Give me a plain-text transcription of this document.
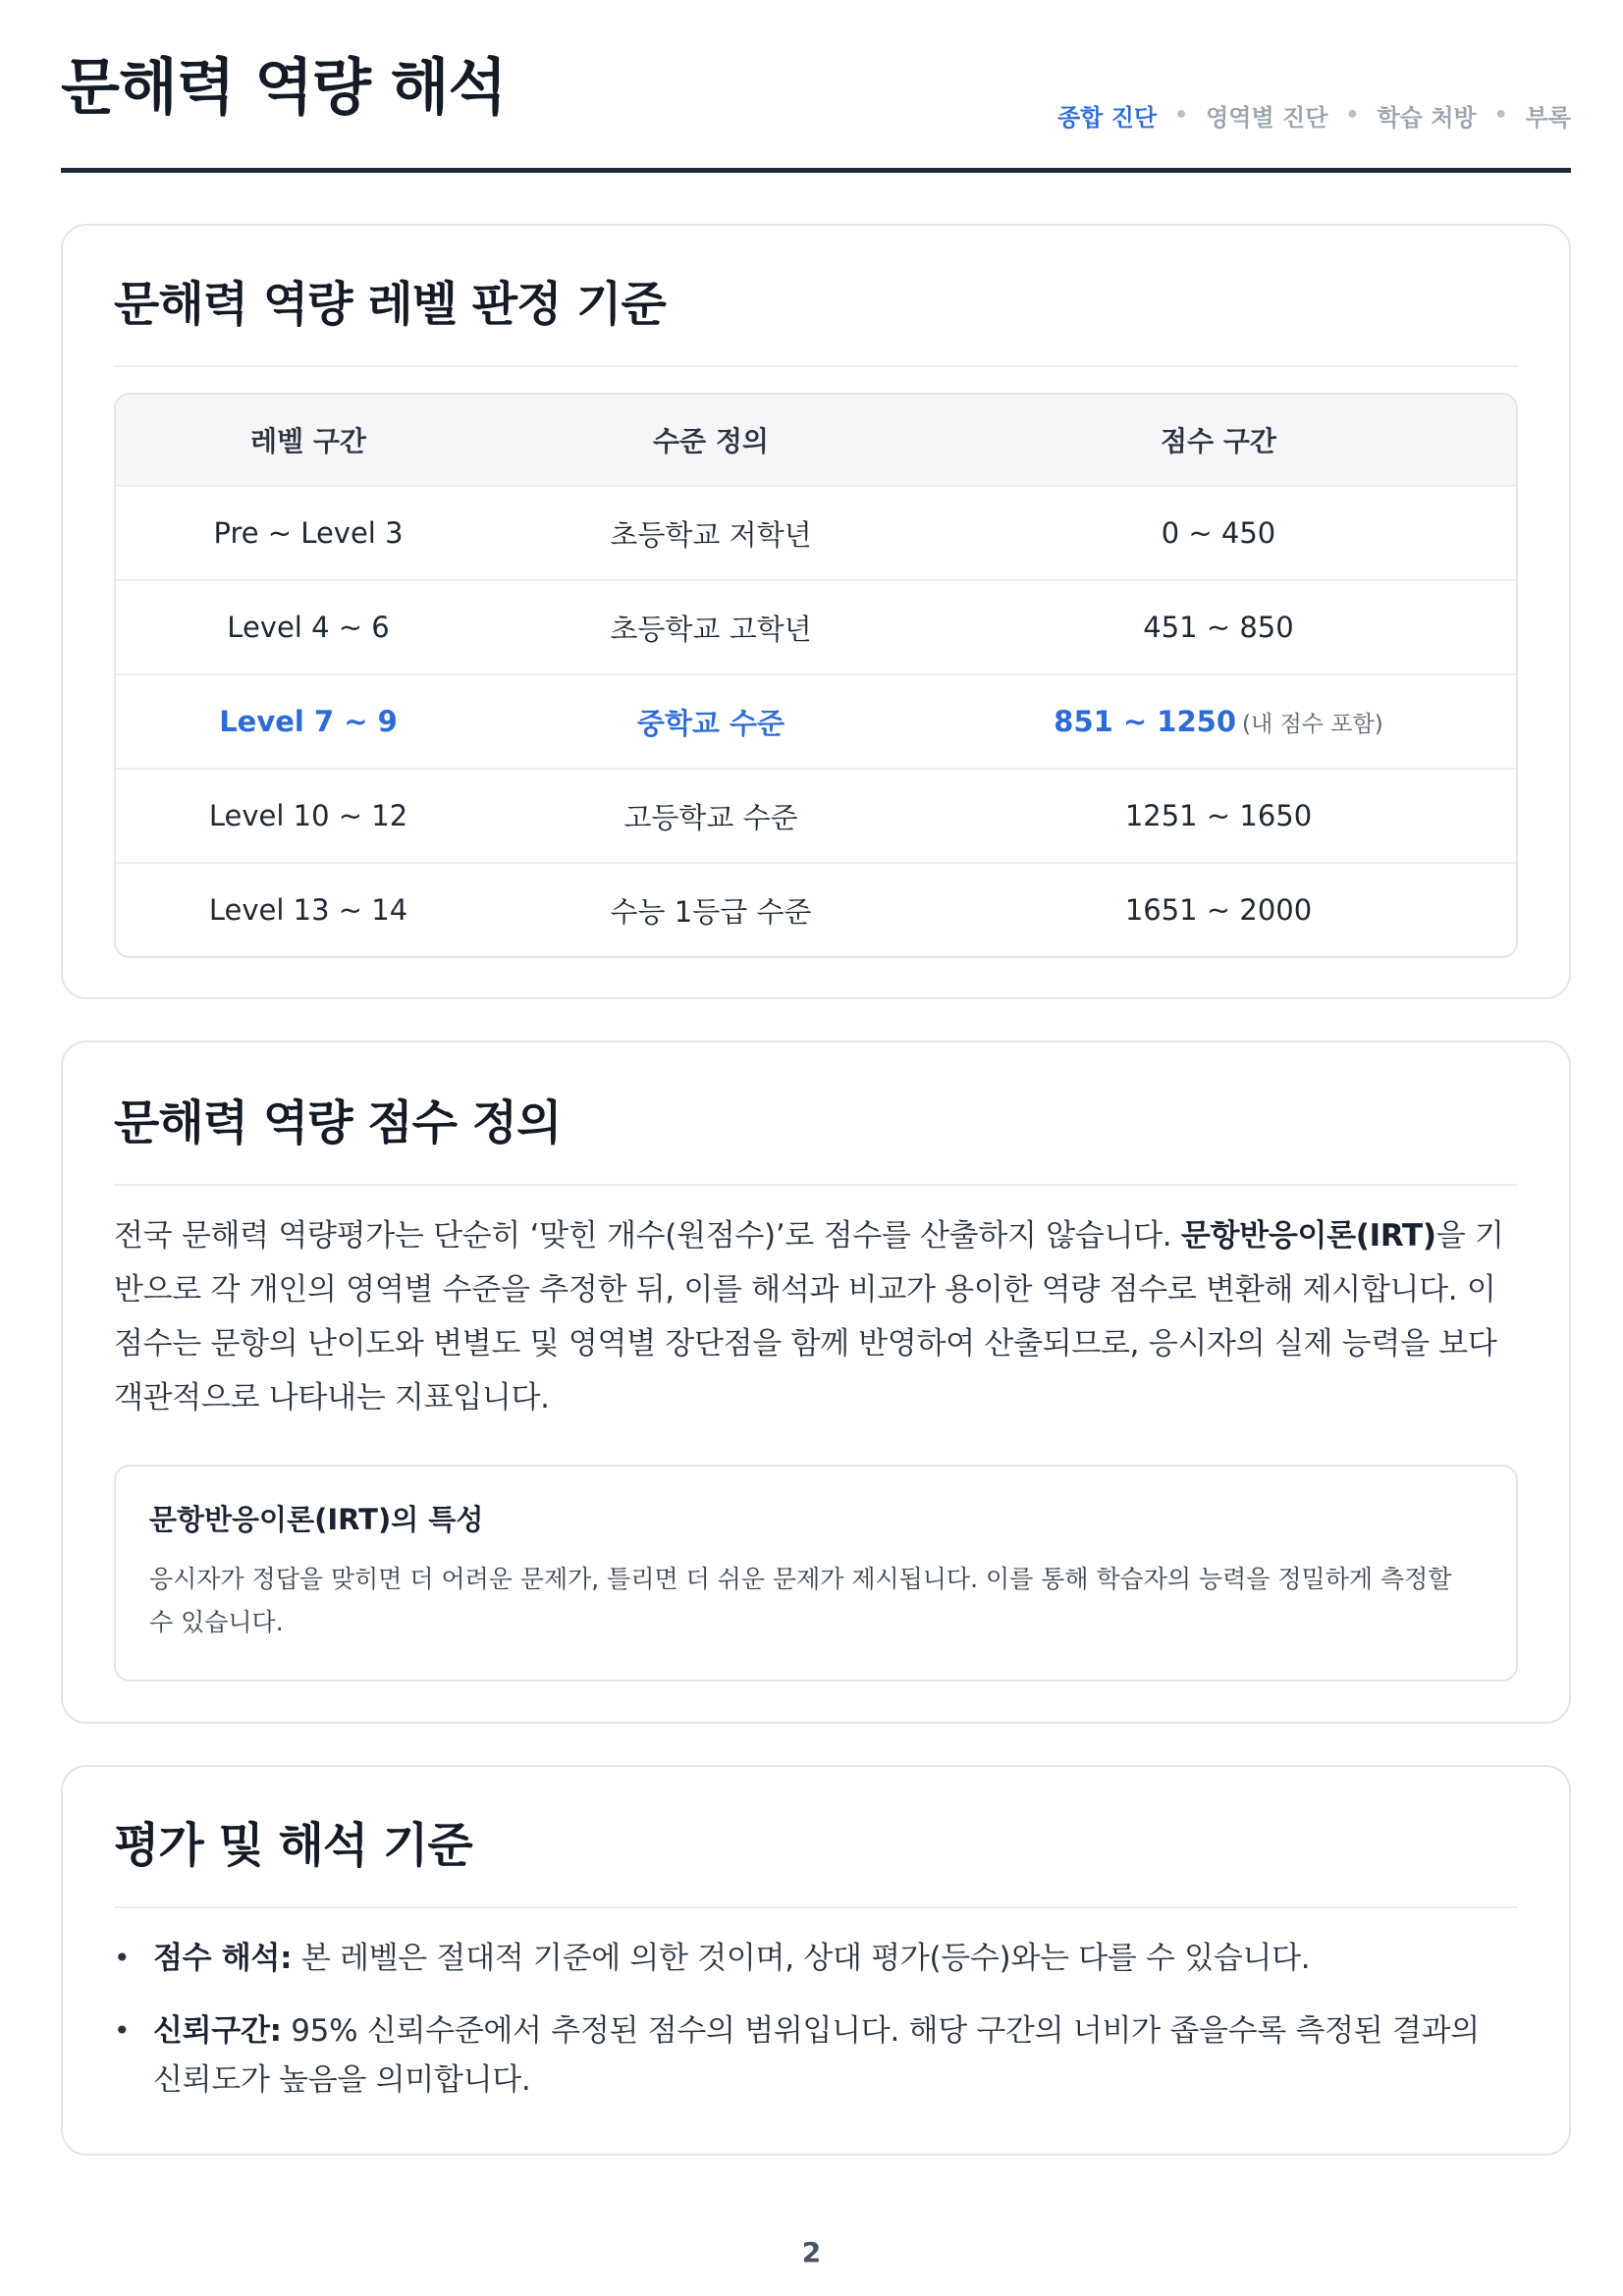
문해력 역량 해석	종합 진단 • 영역별 진단 • 학습 처방 • 부록
문해력 역량 레벨 판정 기준
레벨 구간	수준 정의	점수 구간
Pre ~ Level 3	초등학교 저학년	0 ~ 450
Level 4 ~ 6	초등학교 고학년	451 ~ 850
Level 7 ~ 9	중학교 수준	851 ~ 1250 (내 점수 포함)
Level 10 ~ 12	고등학교 수준	1251 ~ 1650
Level 13 ~ 14	수능 1등급 수준	1651 ~ 2000
문해력 역량 점수 정의

전국 문해력 역량평가는 단순히 ‘맞힌 개수(원점수)’로 점수를 산출하지 않습니다. 문항반응이론(IRT)을 기반으로 각 개인의 영역별 수준을 추정한 뒤, 이를 해석과 비교가 용이한 역량 점수로 변환해 제시합니다. 이 점수는 문항의 난이도와 변별도 및 영역별 장단점을 함께 반영하여 산출되므로, 응시자의 실제 능력을 보다 객관적으로 나타내는 지표입니다.

문항반응이론(IRT)의 특성

응시자가 정답을 맞히면 더 어려운 문제가, 틀리면 더 쉬운 문제가 제시됩니다. 이를 통해 학습자의 능력을 정밀하게 측정할 수 있습니다.

평가 및 해석 기준
• 점수 해석: 본 레벨은 절대적 기준에 의한 것이며, 상대 평가(등수)와는 다를 수 있습니다.
• 신뢰구간: 95% 신뢰수준에서 추정된 점수의 범위입니다. 해당 구간의 너비가 좁을수록 측정된 결과의 신뢰도가 높음을 의미합니다.
2
